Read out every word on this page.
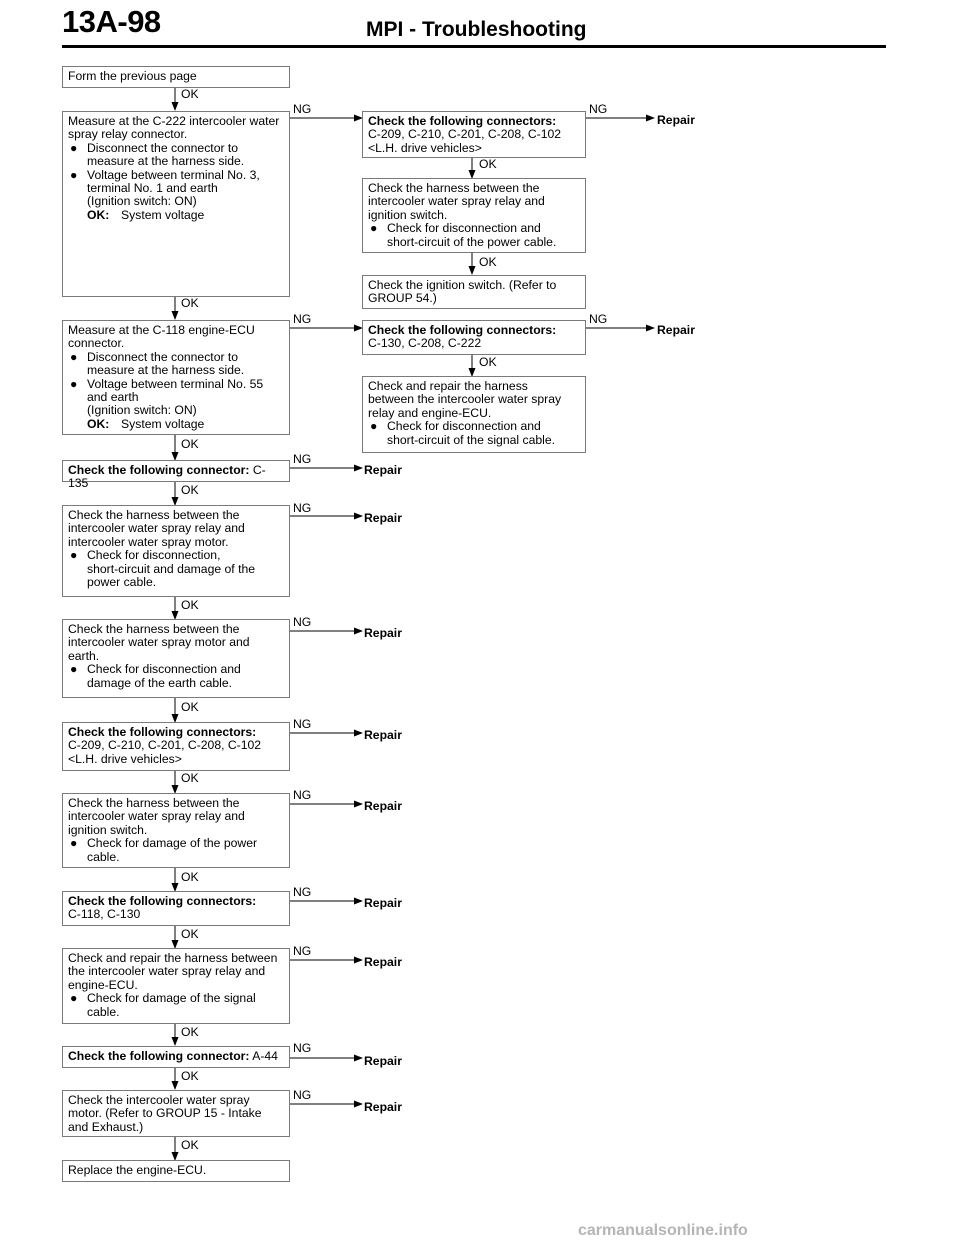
13A-98	MPI - Troubleshooting

Form the previous page

Measure at the C-222 intercooler water

spray relay connector.

● Disconnect the connector to

measure at the harness side.

● Voltage between terminal No. 3,

terminal No. 1 and earth

(Ignition switch: ON)

OK: System voltage

Check the following connectors:

C-209, C-210, C-201, C-208, C-102

<L.H. drive vehicles>

Check the harness between the

intercooler water spray relay and

ignition switch.

● Check for disconnection and

short-circuit of the power cable.

Check the ignition switch. (Refer to

GROUP 54.)

Measure at the C-118 engine-ECU

connector.

● Disconnect the connector to

measure at the harness side.

● Voltage between terminal No. 55

and earth

(Ignition switch: ON)

OK: System voltage

Check the following connectors:

C-130, C-208, C-222

Check and repair the harness

between the intercooler water spray

relay and engine-ECU.

● Check for disconnection and

short-circuit of the signal cable.

Check the following connector: C-135

Check the harness between the

intercooler water spray relay and

intercooler water spray motor.

● Check for disconnection,

short-circuit and damage of the

power cable.

Check the harness between the

intercooler water spray motor and

earth.

● Check for disconnection and

damage of the earth cable.

Check the following connectors:

C-209, C-210, C-201, C-208, C-102

<L.H. drive vehicles>

Check the harness between the

intercooler water spray relay and

ignition switch.

● Check for damage of the power

cable.

Check the following connectors:

C-118, C-130

Check and repair the harness between

the intercooler water spray relay and

engine-ECU.

● Check for damage of the signal

cable.

Check the following connector: A-44

Check the intercooler water spray

motor. (Refer to GROUP 15 - Intake

and Exhaust.)

Replace the engine-ECU.

OK
OK
OK
OK
OK
OK
OK
OK
OK
OK
OK
OK
OK
OK
OK
NG	NG
NG	NG
NG
NG
NG
NG
NG
NG
NG
NG
NG
Repair
Repair
Repair
Repair
Repair
Repair
Repair
Repair
Repair
Repair
Repair
carmanualsonline.info
